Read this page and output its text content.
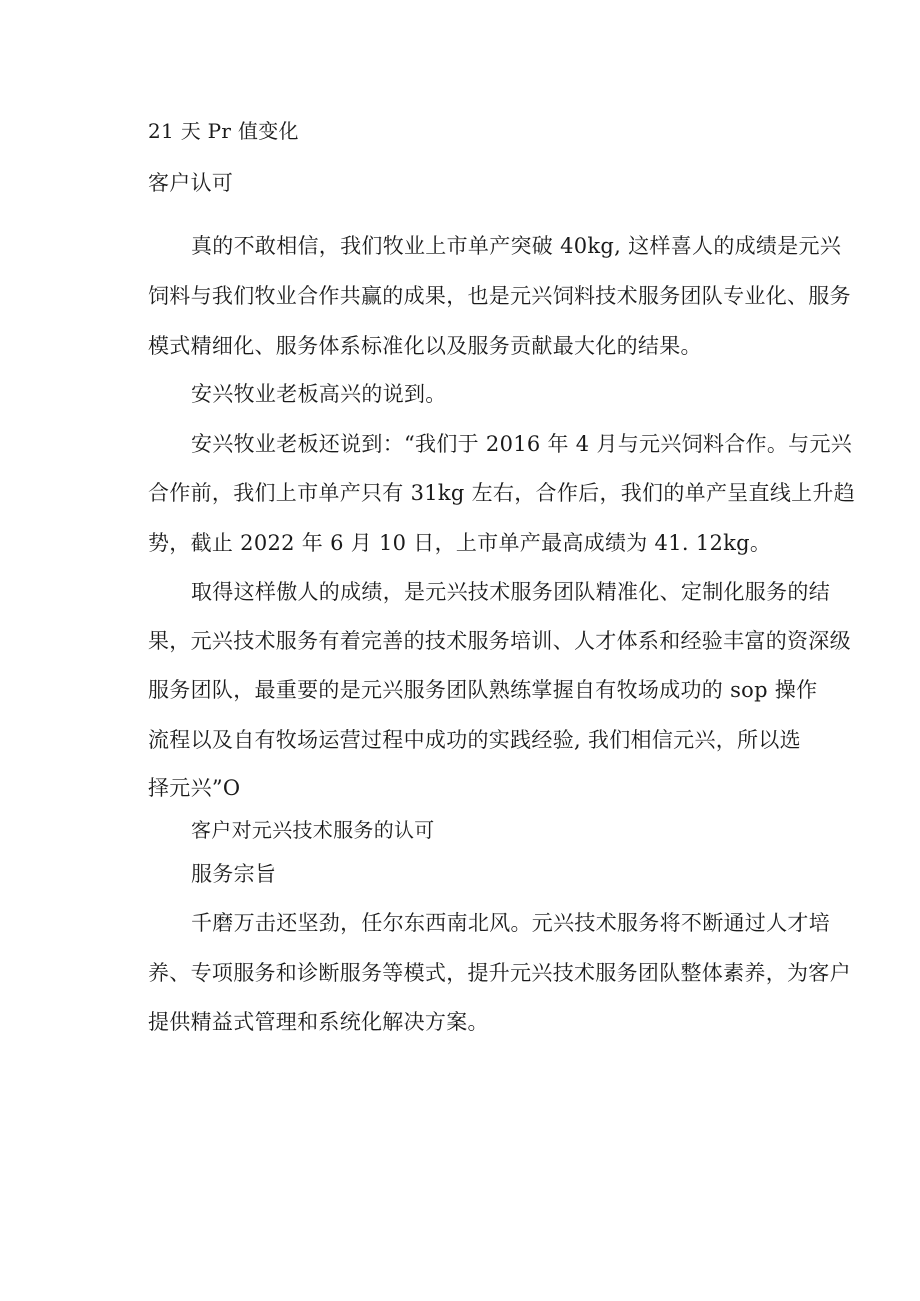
21 天 Pr 值变化
客户认可
真的不敢相信，我们牧业上市单产突破 40kg, 这样喜人的成绩是元兴
饲料与我们牧业合作共赢的成果，也是元兴饲料技术服务团队专业化、服务
模式精细化、服务体系标准化以及服务贡献最大化的结果。
安兴牧业老板高兴的说到。
安兴牧业老板还说到：“我们于 2016 年 4 月与元兴饲料合作。与元兴
合作前，我们上市单产只有 31kg 左右，合作后，我们的单产呈直线上升趋
势，截止 2022 年 6 月 10 日，上市单产最高成绩为 41. 12kg。
取得这样傲人的成绩，是元兴技术服务团队精准化、定制化服务的结
果，元兴技术服务有着完善的技术服务培训、人才体系和经验丰富的资深级
服务团队，最重要的是元兴服务团队熟练掌握自有牧场成功的 sop 操作
流程以及自有牧场运营过程中成功的实践经验, 我们相信元兴，所以选
择元兴”O
客户对元兴技术服务的认可
服务宗旨
千磨万击还坚劲，任尔东西南北风。元兴技术服务将不断通过人才培
养、专项服务和诊断服务等模式，提升元兴技术服务团队整体素养，为客户
提供精益式管理和系统化解决方案。
